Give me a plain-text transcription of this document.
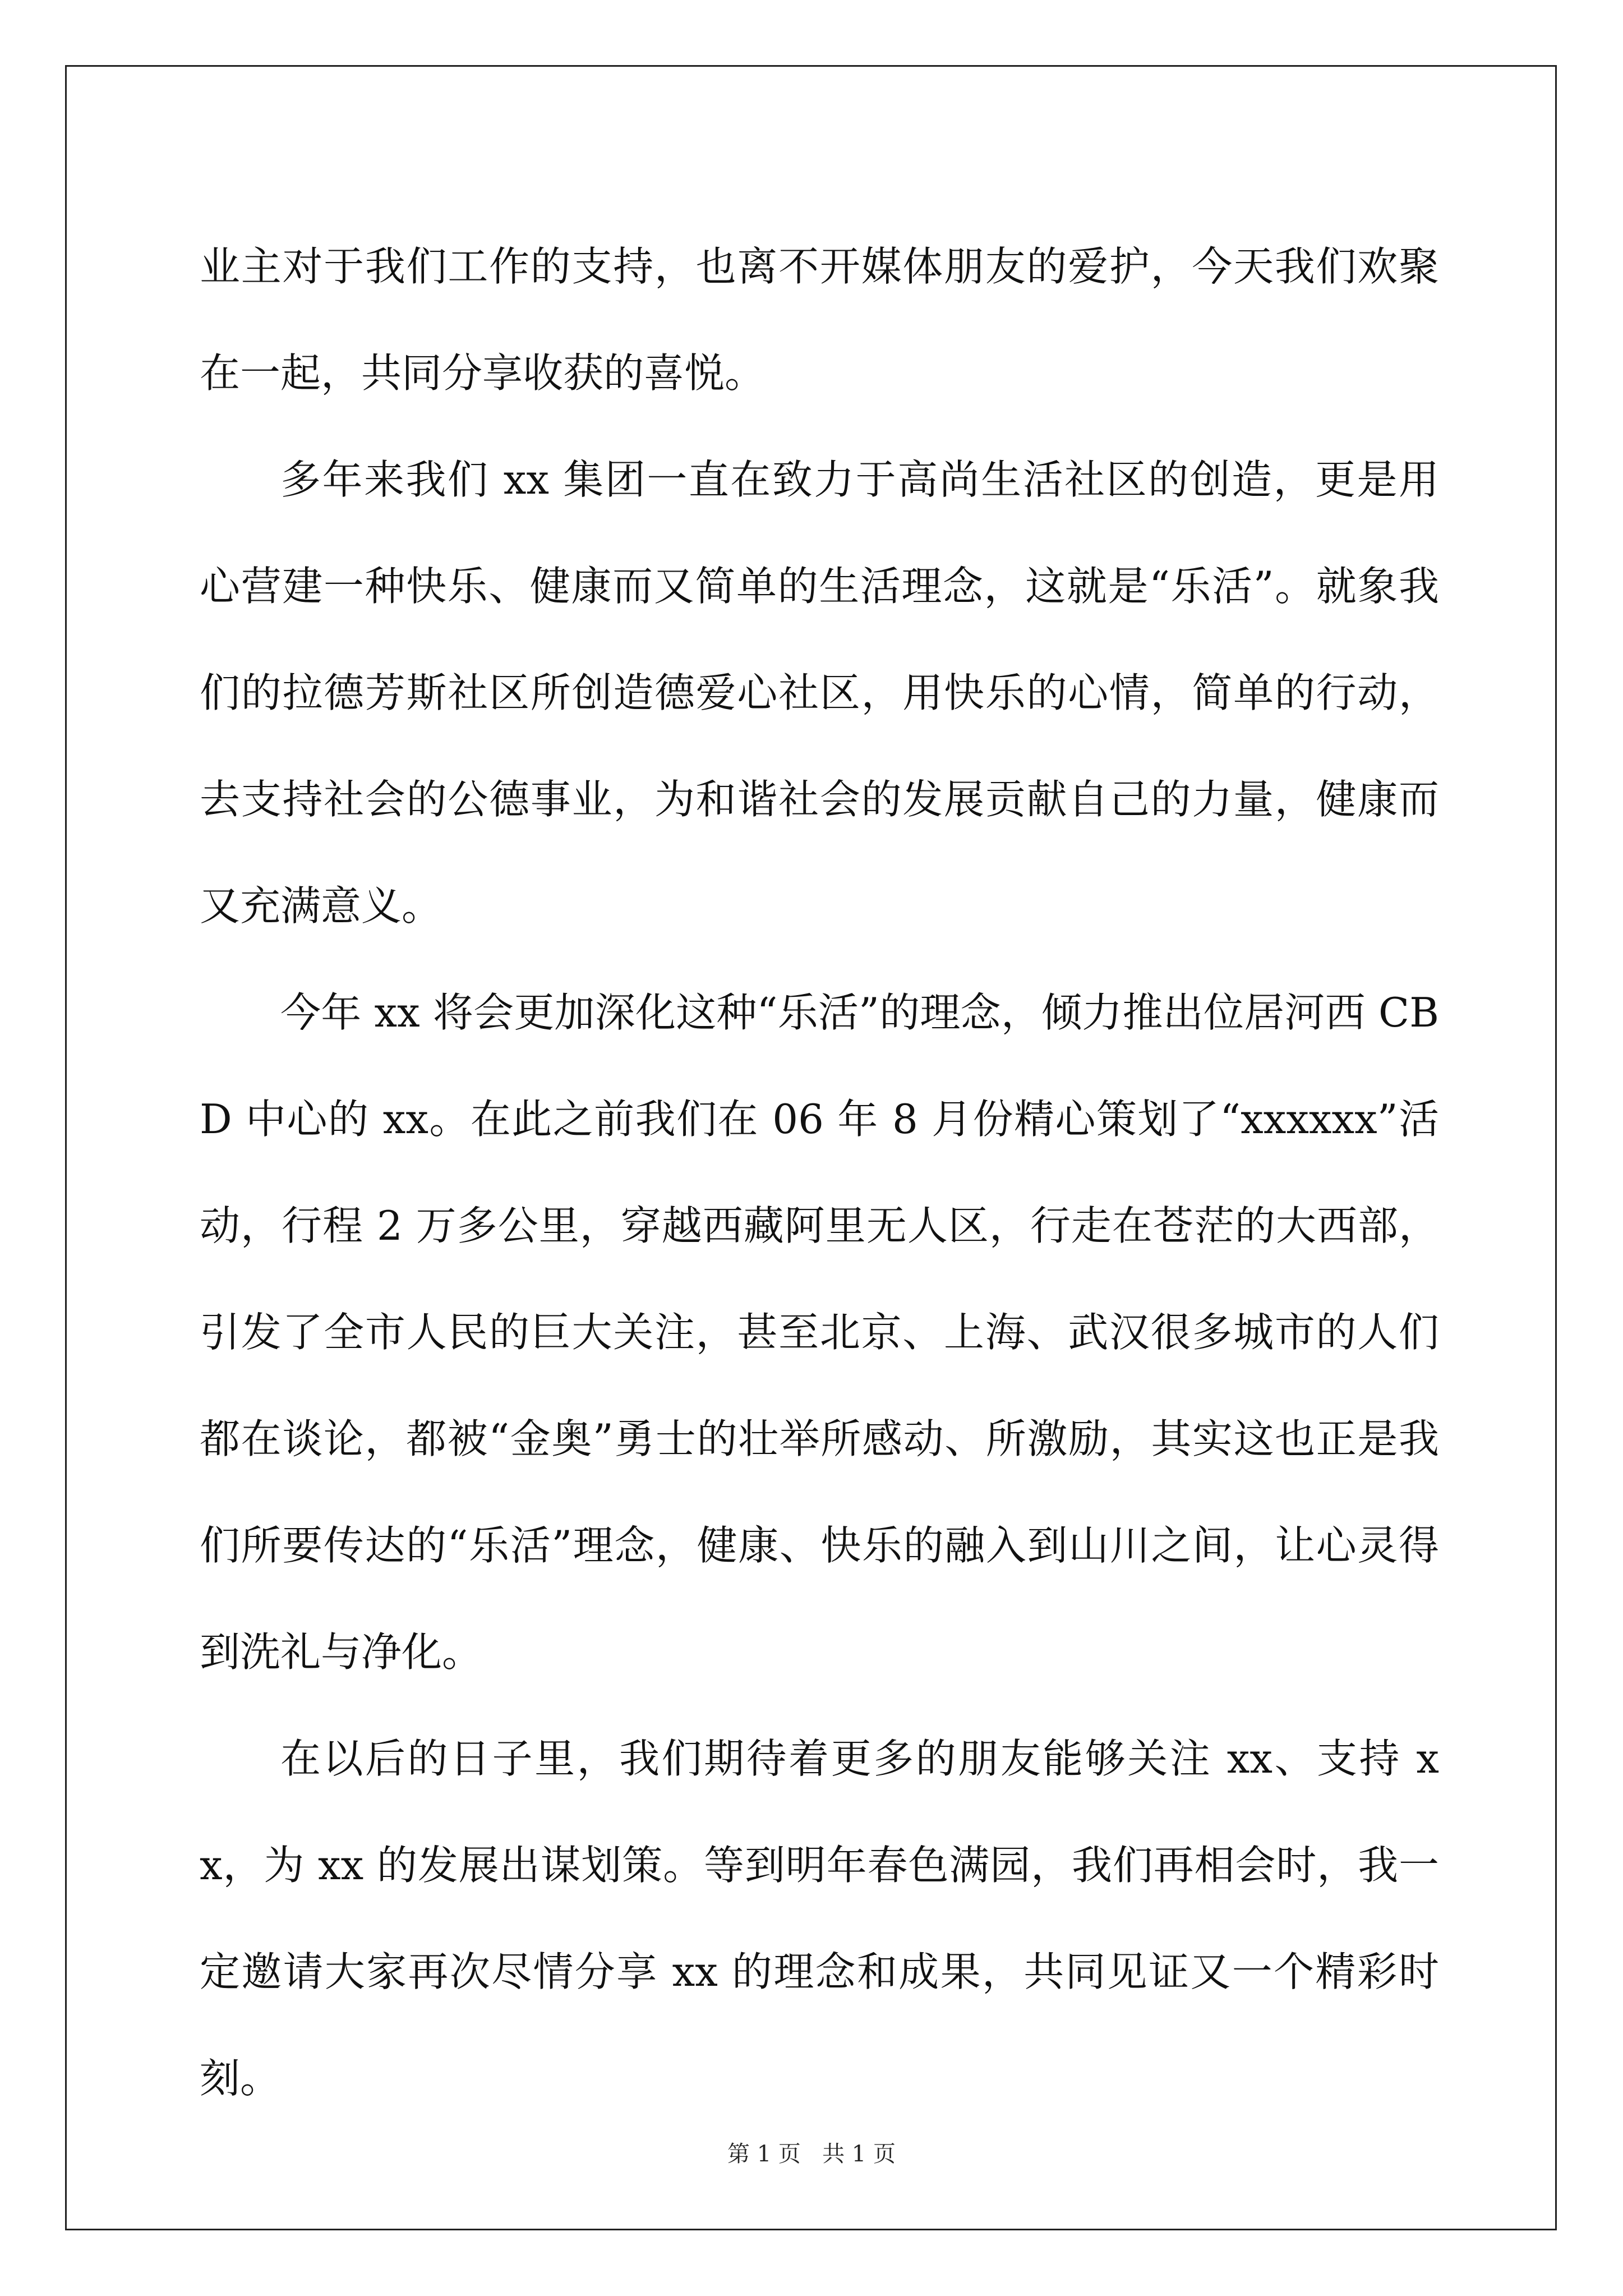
业主对于我们工作的支持，也离不开媒体朋友的爱护，今天我们欢聚在一起，共同分享收获的喜悦。

多年来我们 xx 集团一直在致力于高尚生活社区的创造，更是用心营建一种快乐、健康而又简单的生活理念，这就是“乐活”。就象我们的拉德芳斯社区所创造德爱心社区，用快乐的心情，简单的行动，去支持社会的公德事业，为和谐社会的发展贡献自己的力量，健康而又充满意义。

今年 xx 将会更加深化这种“乐活”的理念，倾力推出位居河西 CBD 中心的 xx。在此之前我们在 06 年 8 月份精心策划了“xxxxxx”活动，行程 2 万多公里，穿越西藏阿里无人区，行走在苍茫的大西部，引发了全市人民的巨大关注，甚至北京、上海、武汉很多城市的人们都在谈论，都被“金奥”勇士的壮举所感动、所激励，其实这也正是我们所要传达的“乐活”理念，健康、快乐的融入到山川之间，让心灵得到洗礼与净化。

在以后的日子里，我们期待着更多的朋友能够关注 xx、支持 xx，为 xx 的发展出谋划策。等到明年春色满园，我们再相会时，我一定邀请大家再次尽情分享 xx 的理念和成果，共同见证又一个精彩时刻。

第 1 页   共 1 页
